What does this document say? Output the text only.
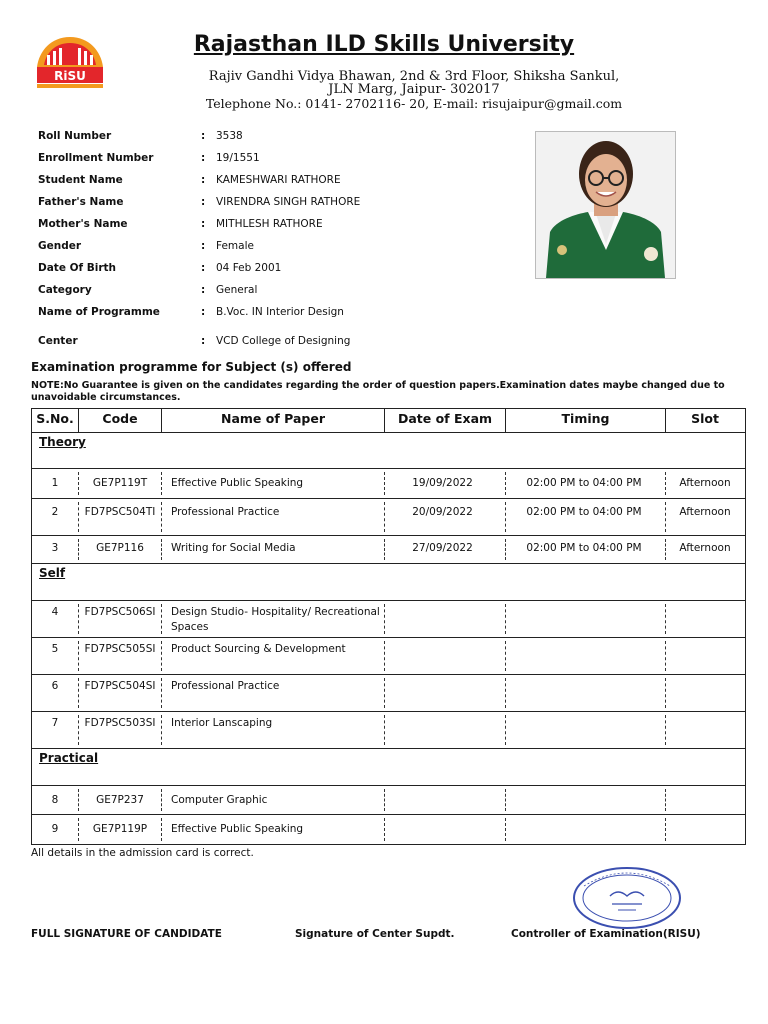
RiSU
Rajasthan ILD Skills University
Rajiv Gandhi Vidya Bhawan, 2nd & 3rd Floor, Shiksha Sankul,
JLN Marg, Jaipur- 302017
Telephone No.: 0141- 2702116- 20, E-mail: risujaipur@gmail.com
Roll Number	: 3538
Enrollment Number	: 19/1551
Student Name	: KAMESHWARI RATHORE
Father's Name	: VIRENDRA SINGH RATHORE
Mother's Name	: MITHLESH RATHORE
Gender	: Female
Date Of Birth	: 04 Feb 2001
Category	: General
Name of Programme	: B.Voc. IN Interior Design
Center	: VCD College of Designing
Examination programme for Subject (s) offered
NOTE:No Guarantee is given on the candidates regarding the order of question papers.Examination dates maybe changed due to unavoidable circumstances.
S.No.	Code	Name of Paper	Date of Exam	Timing	Slot
Theory
1	GE7P119T	Effective Public Speaking	19/09/2022	02:00 PM to 04:00 PM	Afternoon
2	FD7PSC504TI	Professional Practice	20/09/2022	02:00 PM to 04:00 PM	Afternoon
3	GE7P116	Writing for Social Media	27/09/2022	02:00 PM to 04:00 PM	Afternoon
Self
4	FD7PSC506SI	Design Studio- Hospitality/ Recreational Spaces
5	FD7PSC505SI	Product Sourcing & Development
6	FD7PSC504SI	Professional Practice
7	FD7PSC503SI	Interior Lanscaping
Practical
8	GE7P237	Computer Graphic
9	GE7P119P	Effective Public Speaking
All details in the admission card is correct.
FULL SIGNATURE OF CANDIDATE	Signature of Center Supdt.	Controller of Examination(RISU)
